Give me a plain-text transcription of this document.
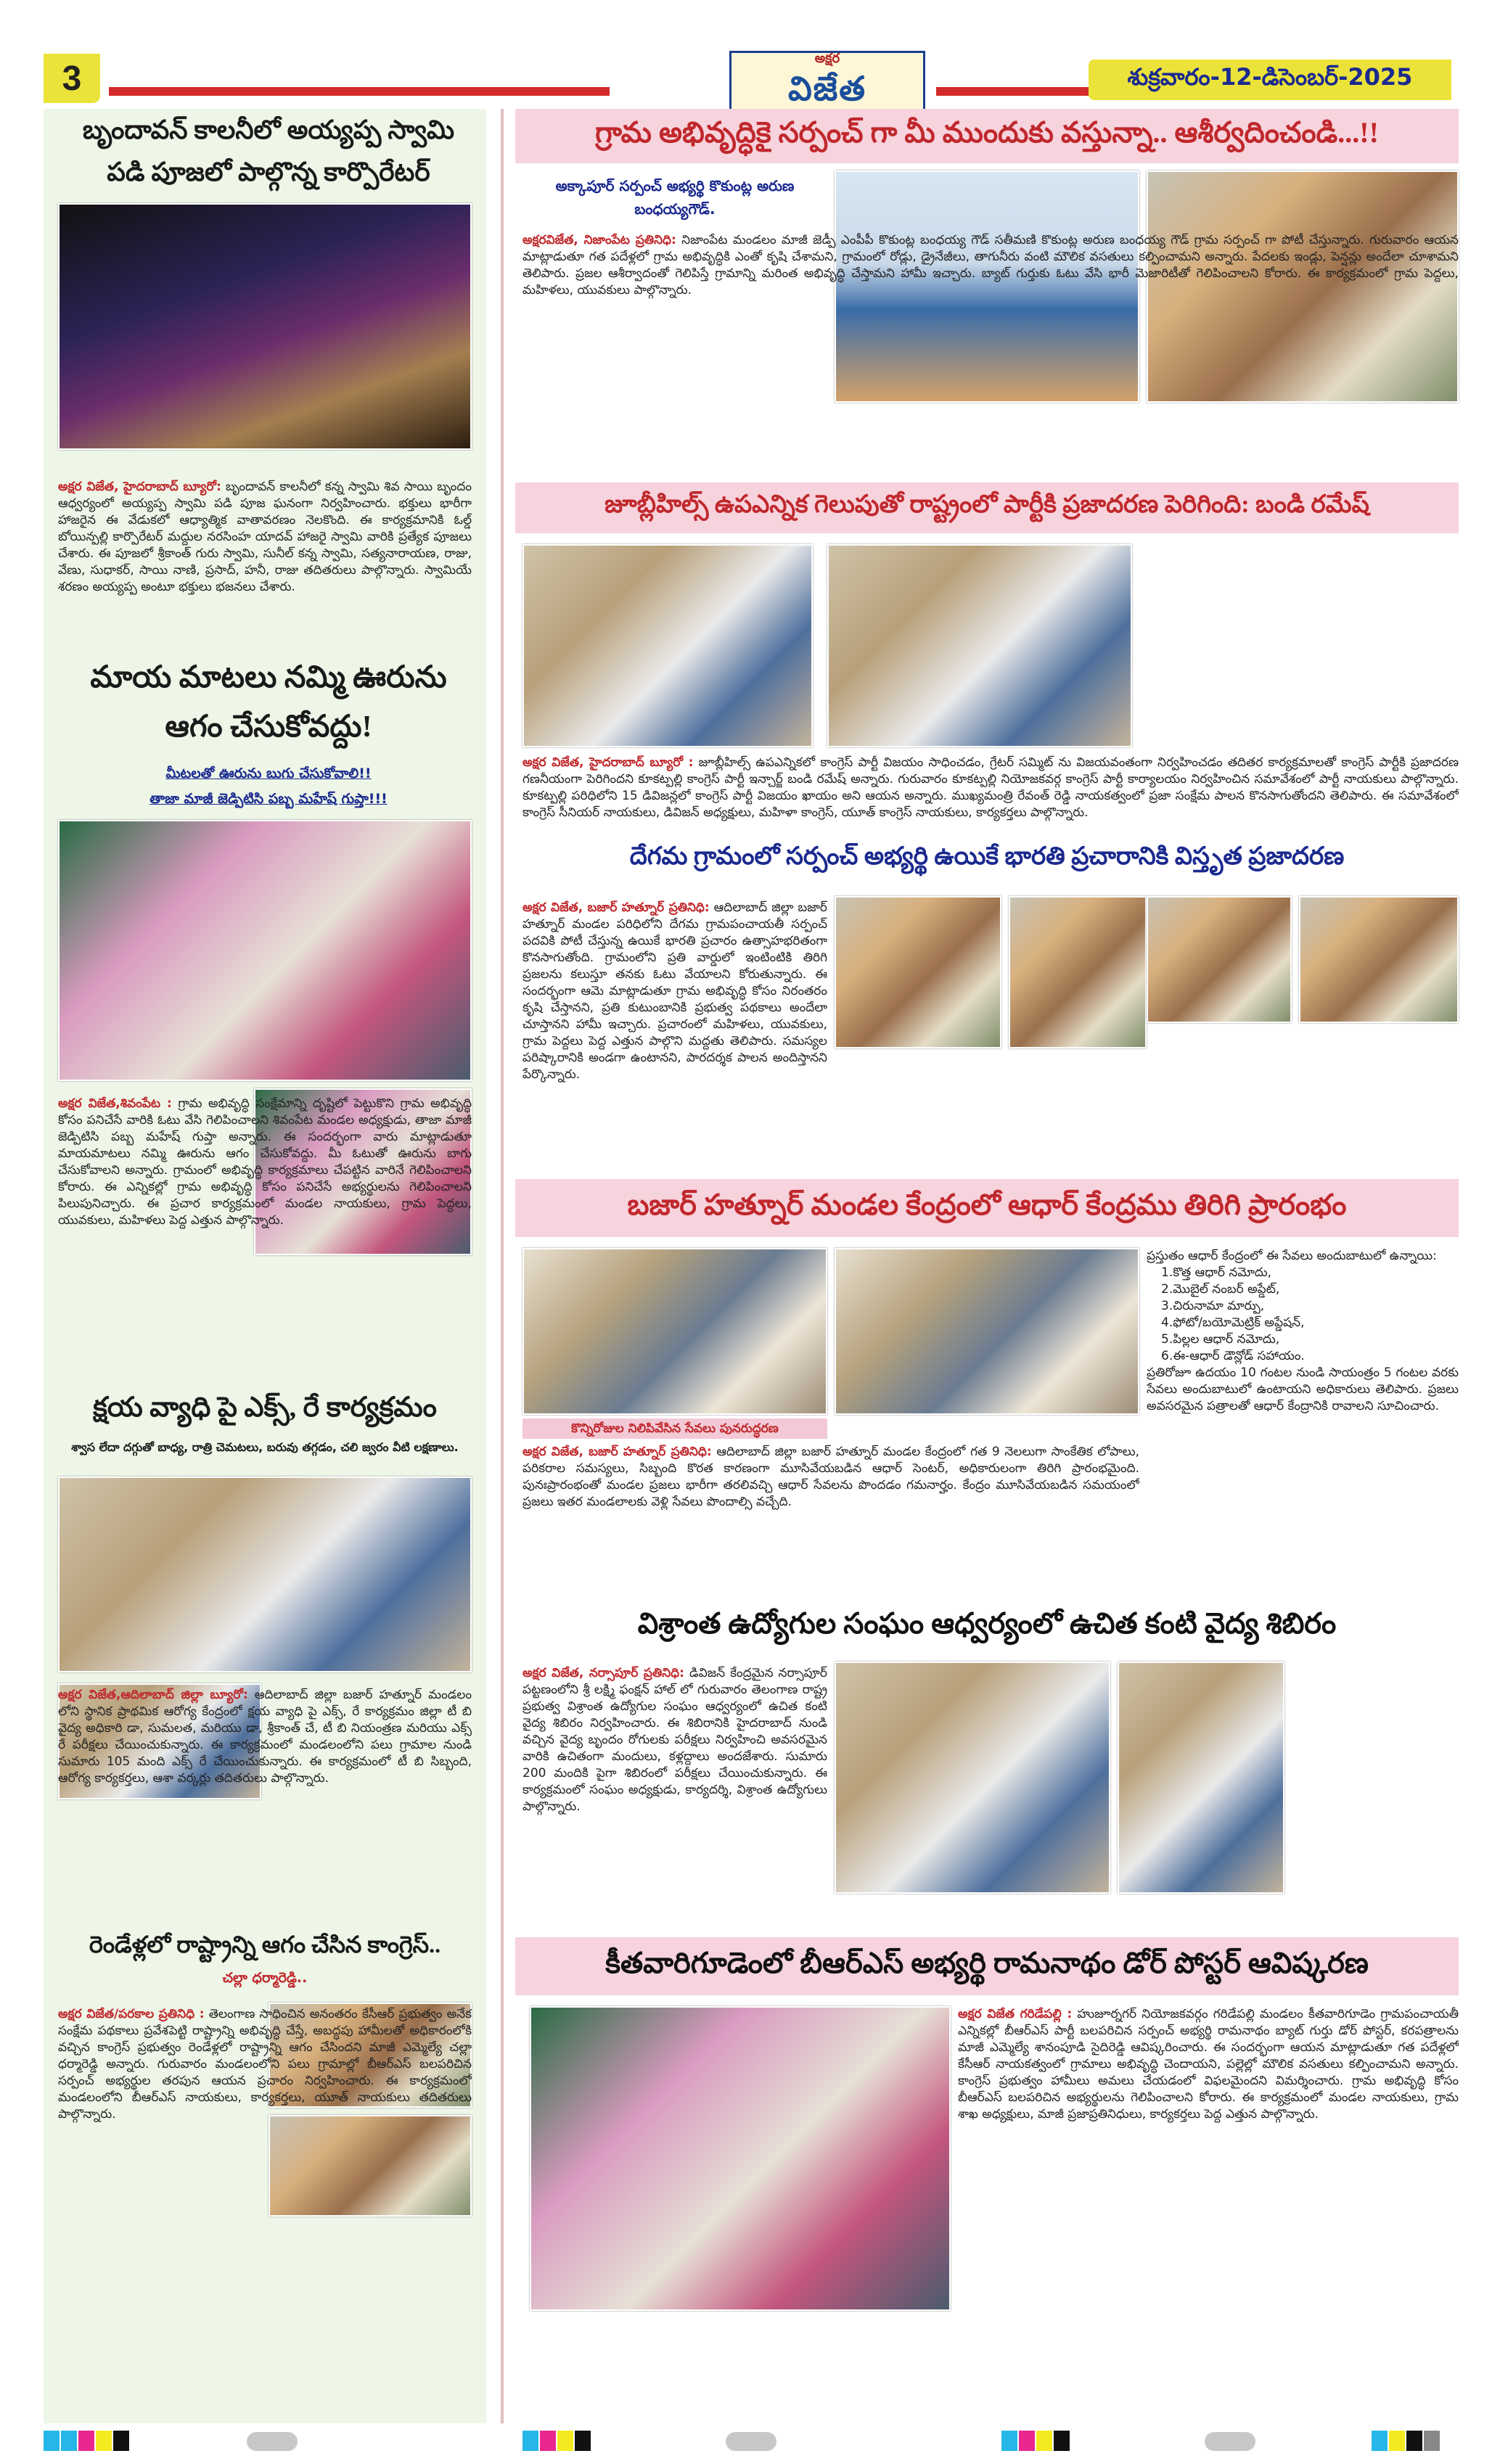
3
అక్షర
విజేత	శుక్రవారం-12-డిసెంబర్-2025
బృందావన్ కాలనీలో అయ్యప్ప స్వామి పడి పూజలో పాల్గొన్న కార్పొరేటర్
అక్షర విజేత, హైదరాబాద్ బ్యూరో: బృందావన్ కాలనీలో కన్న స్వామి శివ సాయి బృందం ఆధ్వర్యంలో అయ్యప్ప స్వామి పడి పూజ ఘనంగా నిర్వహించారు. భక్తులు భారీగా హాజరైన ఈ వేడుకలో ఆధ్యాత్మిక వాతావరణం నెలకొంది. ఈ కార్యక్రమానికి ఓల్డ్ బోయిన్పల్లి కార్పొరేటర్ మద్దుల నరసింహ యాదవ్ హాజరై స్వామి వారికి ప్రత్యేక పూజలు చేశారు. ఈ పూజలో శ్రీకాంత్ గురు స్వామి, సునీల్ కన్న స్వామి, సత్యనారాయణ, రాజు, వేణు, సుధాకర్, సాయి నాణి, ప్రసాద్, హనీ, రాజు తదితరులు పాల్గొన్నారు. స్వామియే శరణం అయ్యప్ప అంటూ భక్తులు భజనలు చేశారు.
మాయ మాటలు నమ్మి ఊరును ఆగం చేసుకోవద్దు!
మీటలతో ఊరును బుగు చేసుకోవాలి!!
తాజా మాజీ జెడ్పిటిసి పబ్బ మహేష్ గుప్తా!!!
అక్షర విజేత,శివంపేట : గ్రామ అభివృద్ధి సంక్షేమాన్ని దృష్టిలో పెట్టుకొని గ్రామ అభివృద్ధి కోసం పనిచేసే వారికి ఓటు వేసి గెలిపించాలని శివంపేట మండల అధ్యక్షుడు, తాజా మాజీ జెడ్పిటిసి పబ్బ మహేష్ గుప్తా అన్నారు. ఈ సందర్భంగా వారు మాట్లాడుతూ మాయమాటలు నమ్మి ఊరును ఆగం చేసుకోవద్దు. మీ ఓటుతో ఊరును బాగు చేసుకోవాలని అన్నారు. గ్రామంలో అభివృద్ధి కార్యక్రమాలు చేపట్టిన వారినే గెలిపించాలని కోరారు. ఈ ఎన్నికల్లో గ్రామ అభివృద్ధి కోసం పనిచేసే అభ్యర్థులను గెలిపించాలని పిలుపునిచ్చారు. ఈ ప్రచార కార్యక్రమంలో మండల నాయకులు, గ్రామ పెద్దలు, యువకులు, మహిళలు పెద్ద ఎత్తున పాల్గొన్నారు.
క్షయ వ్యాధి పై ఎక్స్, రే కార్యక్రమం
శ్వాస లేదా దగ్గుతో బాధ్య, రాత్రి చెమటలు, బరువు తగ్గడం, చలి జ్వరం వీటి లక్షణాలు.
అక్షర విజేత,ఆదిలాబాద్ జిల్లా బ్యూరో: ఆదిలాబాద్ జిల్లా బజార్ హత్నూర్ మండలం లోని స్థానిక ప్రాథమిక ఆరోగ్య కేంద్రంలో క్షయ వ్యాధి పై ఎక్స్, రే కార్యక్రమం జిల్లా టీ బి వైద్య అధికారి డా, సుమలత, మరియు డా, శ్రీకాంత్ చే, టీ బి నియంత్రణ మరియు ఎక్స్ రే పరీక్షలు చేయించుకున్నారు. ఈ కార్యక్రమంలో మండలంలోని పలు గ్రామాల నుండి సుమారు 105 మంది ఎక్స్ రే చేయించుకున్నారు. ఈ కార్యక్రమంలో టీ బి సిబ్బంది, ఆరోగ్య కార్యకర్తలు, ఆశా వర్కర్లు తదితరులు పాల్గొన్నారు.
రెండేళ్లలో రాష్ట్రాన్ని ఆగం చేసిన కాంగ్రెస్..
చల్లా ధర్మారెడ్డి..
అక్షర విజేత/పరకాల ప్రతినిధి : తెలంగాణ సాధించిన అనంతరం కేసీఆర్ ప్రభుత్వం అనేక సంక్షేమ పథకాలు ప్రవేశపెట్టి రాష్ట్రాన్ని అభివృద్ధి చేస్తే, అబద్ధపు హామీలతో అధికారంలోకి వచ్చిన కాంగ్రెస్ ప్రభుత్వం రెండేళ్లలో రాష్ట్రాన్ని ఆగం చేసిందని మాజీ ఎమ్మెల్యే చల్లా ధర్మారెడ్డి అన్నారు. గురువారం మండలంలోని పలు గ్రామాల్లో బీఆర్ఎస్ బలపరిచిన సర్పంచ్ అభ్యర్థుల తరపున ఆయన ప్రచారం నిర్వహించారు. ఈ కార్యక్రమంలో మండలంలోని బీఆర్ఎస్ నాయకులు, కార్యకర్తలు, యూత్ నాయకులు తదితరులు పాల్గొన్నారు.
గ్రామ అభివృద్ధికై సర్పంచ్ గా మీ ముందుకు వస్తున్నా.. ఆశీర్వదించండి...!!
అక్కాపూర్ సర్పంచ్ అభ్యర్థి కొకుంట్ల అరుణ బంధయ్యగౌడ్.
అక్షరవిజేత, నిజాంపేట ప్రతినిధి: నిజాంపేట మండలం మాజీ జెడ్పీ ఎంపీపీ కొకుంట్ల బంధయ్య గౌడ్ సతీమణి కొకుంట్ల అరుణ బంధయ్య గౌడ్ గ్రామ సర్పంచ్ గా పోటీ చేస్తున్నారు. గురువారం ఆయన మాట్లాడుతూ గత పదేళ్లలో గ్రామ అభివృద్ధికి ఎంతో కృషి చేశామని, గ్రామంలో రోడ్లు, డ్రైనేజీలు, తాగునీరు వంటి మౌలిక వసతులు కల్పించామని అన్నారు. పేదలకు ఇండ్లు, పెన్షన్లు అందేలా చూశామని తెలిపారు. ప్రజల ఆశీర్వాదంతో గెలిపిస్తే గ్రామాన్ని మరింత అభివృద్ధి చేస్తామని హామీ ఇచ్చారు. బ్యాట్ గుర్తుకు ఓటు వేసి భారీ మెజారిటీతో గెలిపించాలని కోరారు. ఈ కార్యక్రమంలో గ్రామ పెద్దలు, మహిళలు, యువకులు పాల్గొన్నారు.
జూబ్లీహిల్స్ ఉపఎన్నిక గెలుపుతో రాష్ట్రంలో పార్టీకి ప్రజాదరణ పెరిగింది: బండి రమేష్
అక్షర విజేత, హైదరాబాద్ బ్యూరో : జూబ్లీహిల్స్ ఉపఎన్నికలో కాంగ్రెస్ పార్టీ విజయం సాధించడం, గ్రేటర్ సమ్మిట్ ను విజయవంతంగా నిర్వహించడం తదితర కార్యక్రమాలతో కాంగ్రెస్ పార్టీకి ప్రజాదరణ గణనీయంగా పెరిగిందని కూకట్పల్లి కాంగ్రెస్ పార్టీ ఇన్చార్జ్ బండి రమేష్ అన్నారు. గురువారం కూకట్పల్లి నియోజకవర్గ కాంగ్రెస్ పార్టీ కార్యాలయం నిర్వహించిన సమావేశంలో పార్టీ నాయకులు పాల్గొన్నారు. కూకట్పల్లి పరిధిలోని 15 డివిజన్లలో కాంగ్రెస్ పార్టీ విజయం ఖాయం అని ఆయన అన్నారు. ముఖ్యమంత్రి రేవంత్ రెడ్డి నాయకత్వంలో ప్రజా సంక్షేమ పాలన కొనసాగుతోందని తెలిపారు. ఈ సమావేశంలో కాంగ్రెస్ సీనియర్ నాయకులు, డివిజన్ అధ్యక్షులు, మహిళా కాంగ్రెస్, యూత్ కాంగ్రెస్ నాయకులు, కార్యకర్తలు పాల్గొన్నారు.
దేగమ గ్రామంలో సర్పంచ్ అభ్యర్థి ఉయికే భారతి ప్రచారానికి విస్తృత ప్రజాదరణ
అక్షర విజేత, బజార్ హత్నూర్ ప్రతినిధి: ఆదిలాబాద్ జిల్లా బజార్ హత్నూర్ మండల పరిధిలోని దేగమ గ్రామపంచాయతీ సర్పంచ్ పదవికి పోటీ చేస్తున్న ఉయికే భారతి ప్రచారం ఉత్సాహభరితంగా కొనసాగుతోంది. గ్రామంలోని ప్రతి వార్డులో ఇంటింటికి తిరిగి ప్రజలను కలుస్తూ తనకు ఓటు వేయాలని కోరుతున్నారు. ఈ సందర్భంగా ఆమె మాట్లాడుతూ గ్రామ అభివృద్ధి కోసం నిరంతరం కృషి చేస్తానని, ప్రతి కుటుంబానికి ప్రభుత్వ పథకాలు అందేలా చూస్తానని హామీ ఇచ్చారు. ప్రచారంలో మహిళలు, యువకులు, గ్రామ పెద్దలు పెద్ద ఎత్తున పాల్గొని మద్దతు తెలిపారు. సమస్యల పరిష్కారానికి అండగా ఉంటానని, పారదర్శక పాలన అందిస్తానని పేర్కొన్నారు.
బజార్ హత్నూర్ మండల కేంద్రంలో ఆధార్ కేంద్రము తిరిగి ప్రారంభం
కొన్నిరోజుల నిలిపివేసిన సేవలు పునరుద్ధరణ
అక్షర విజేత, బజార్ హత్నూర్ ప్రతినిధి: ఆదిలాబాద్ జిల్లా బజార్ హత్నూర్ మండల కేంద్రంలో గత 9 నెలలుగా సాంకేతిక లోపాలు, పరికరాల సమస్యలు, సిబ్బంది కొరత కారణంగా మూసివేయబడిన ఆధార్ సెంటర్, అధికారులంగా తిరిగి ప్రారంభమైంది. పునఃప్రారంభంతో మండల ప్రజలు భారీగా తరలివచ్చి ఆధార్ సేవలను పొందడం గమనార్హం. కేంద్రం మూసివేయబడిన సమయంలో ప్రజలు ఇతర మండలాలకు వెళ్లి సేవలు పొందాల్సి వచ్చేది.
ప్రస్తుతం ఆధార్ కేంద్రంలో ఈ సేవలు అందుబాటులో ఉన్నాయి:
1.కొత్త ఆధార్ నమోదు,
2.మొబైల్ నంబర్ అప్డేట్,
3.చిరునామా మార్పు,
4.ఫోటో/బయోమెట్రిక్ అప్డేషన్,
5.పిల్లల ఆధార్ నమోదు,
6.ఈ-ఆధార్ డౌన్లోడ్ సహాయం.
ప్రతిరోజూ ఉదయం 10 గంటల నుండి సాయంత్రం 5 గంటల వరకు సేవలు అందుబాటులో ఉంటాయని అధికారులు తెలిపారు. ప్రజలు అవసరమైన పత్రాలతో ఆధార్ కేంద్రానికి రావాలని సూచించారు.
విశ్రాంత ఉద్యోగుల సంఘం ఆధ్వర్యంలో ఉచిత కంటి వైద్య శిబిరం
అక్షర విజేత, నర్సాపూర్ ప్రతినిధి: డివిజన్ కేంద్రమైన నర్సాపూర్ పట్టణంలోని శ్రీ లక్ష్మి ఫంక్షన్ హాల్ లో గురువారం తెలంగాణ రాష్ట్ర ప్రభుత్వ విశ్రాంత ఉద్యోగుల సంఘం ఆధ్వర్యంలో ఉచిత కంటి వైద్య శిబిరం నిర్వహించారు. ఈ శిబిరానికి హైదరాబాద్ నుండి వచ్చిన వైద్య బృందం రోగులకు పరీక్షలు నిర్వహించి అవసరమైన వారికి ఉచితంగా మందులు, కళ్లద్దాలు అందజేశారు. సుమారు 200 మందికి పైగా శిబిరంలో పరీక్షలు చేయించుకున్నారు. ఈ కార్యక్రమంలో సంఘం అధ్యక్షుడు, కార్యదర్శి, విశ్రాంత ఉద్యోగులు పాల్గొన్నారు.
కీతవారిగూడెంలో బీఆర్ఎస్ అభ్యర్థి రామనాథం డోర్ పోస్టర్ ఆవిష్కరణ
అక్షర విజేత గరిడేపల్లి : హుజూర్నగర్ నియోజకవర్గం గరిడేపల్లి మండలం కీతవారిగూడెం గ్రామపంచాయతీ ఎన్నికల్లో బీఆర్ఎస్ పార్టీ బలపరిచిన సర్పంచ్ అభ్యర్థి రామనాథం బ్యాట్ గుర్తు డోర్ పోస్టర్, కరపత్రాలను మాజీ ఎమ్మెల్యే శానంపూడి సైదిరెడ్డి ఆవిష్కరించారు. ఈ సందర్భంగా ఆయన మాట్లాడుతూ గత పదేళ్లలో కేసీఆర్ నాయకత్వంలో గ్రామాలు అభివృద్ధి చెందాయని, పల్లెల్లో మౌలిక వసతులు కల్పించామని అన్నారు. కాంగ్రెస్ ప్రభుత్వం హామీలు అమలు చేయడంలో విఫలమైందని విమర్శించారు. గ్రామ అభివృద్ధి కోసం బీఆర్ఎస్ బలపరిచిన అభ్యర్థులను గెలిపించాలని కోరారు. ఈ కార్యక్రమంలో మండల నాయకులు, గ్రామ శాఖ అధ్యక్షులు, మాజీ ప్రజాప్రతినిధులు, కార్యకర్తలు పెద్ద ఎత్తున పాల్గొన్నారు.
